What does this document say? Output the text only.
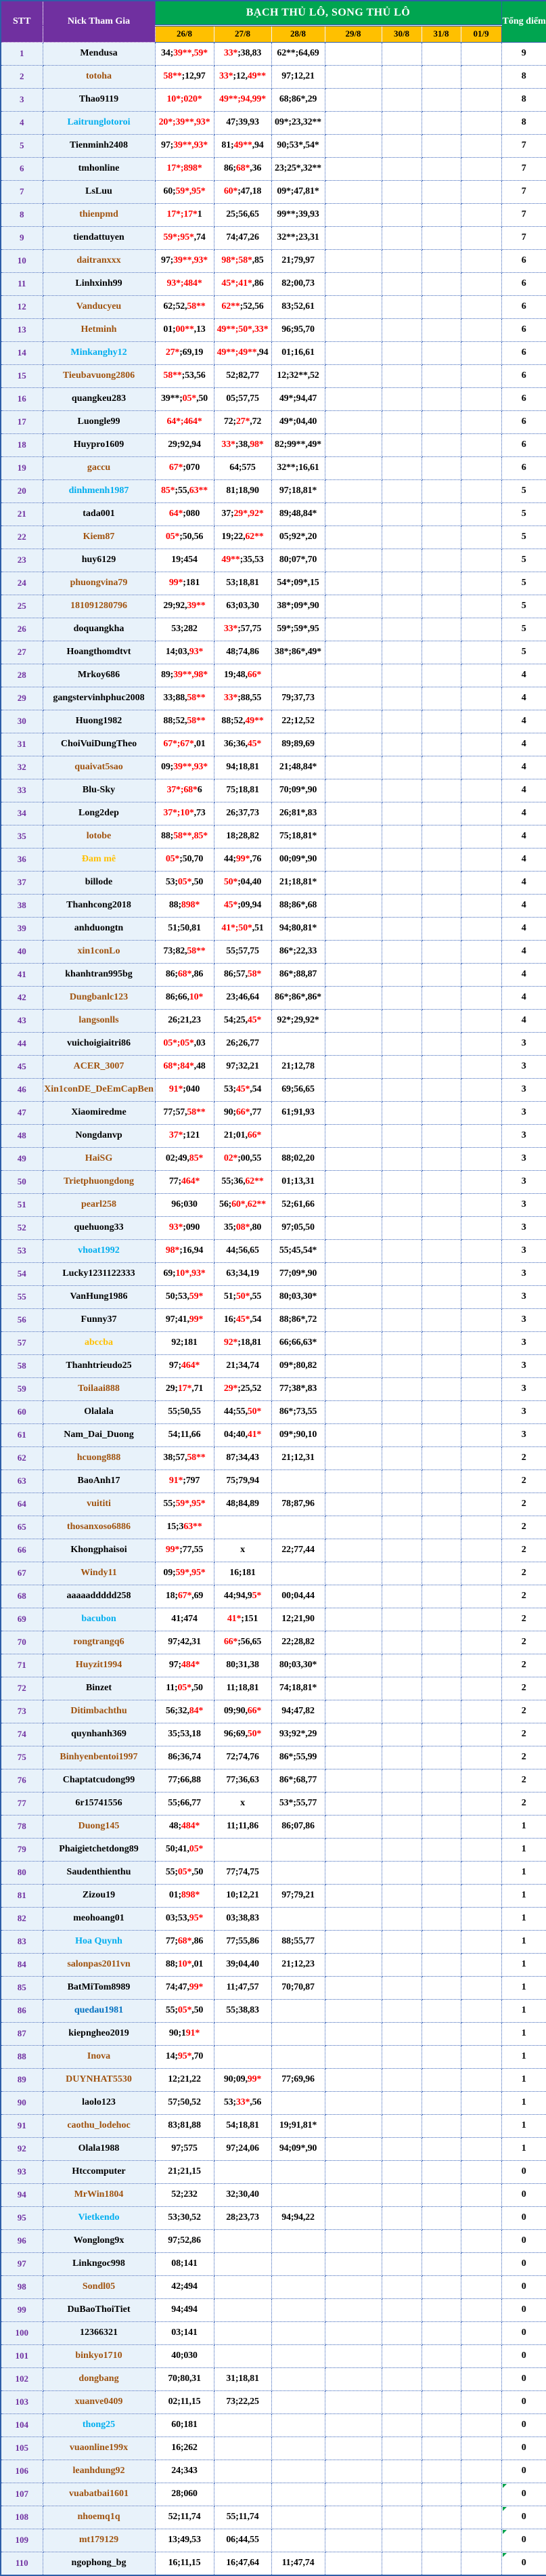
STT	Nick Tham Gia	BẠCH THỦ LÔ, SONG THỦ LÔ							Tổng điểm
		26/8	27/8	28/8	29/8	30/8	31/8	01/9	
1	Mendusa	34;39**,59*	33*;38,83	62**;64,69					9
2	totoha	58**;12,97	33*;12,49**	97;12,21					8
3	Thao9119	10*;020*	49**;94,99*	68;86*,29					8
4	Laitrunglotoroi	20*;39**,93*	47;39,93	09*;23,32**					8
5	Tienminh2408	97;39**,93*	81;49**,94	90;53*,54*					7
6	tmhonline	17*;898*	86;68*,36	23;25*,32**					7
7	LsLuu	60;59*,95*	60*;47,18	09*;47,81*					7
8	thienpmd	17*;17*1	25;56,65	99**;39,93					7
9	tiendattuyen	59*;95*,74	74;47,26	32**;23,31					7
10	daitranxxx	97;39**,93*	98*;58*,85	21;79,97					6
11	Linhxinh99	93*;484*	45*;41*,86	82;00,73					6
12	Vanducyeu	62;52,58**	62**;52,56	83;52,61					6
13	Hetminh	01;00**,13	49**;50*,33*	96;95,70					6
14	Minkanghy12	27*;69,19	49**;49**,94	01;16,61					6
15	Tieubavuong2806	58**;53,56	52;82,77	12;32**,52					6
16	quangkeu283	39**;05*,50	05;57,75	49*;94,47					6
17	Luongle99	64*;464*	72;27*,72	49*;04,40					6
18	Huypro1609	29;92,94	33*;38,98*	82;99**,49*					6
19	gaccu	67*;070	64;575	32**;16,61					6
20	dinhmenh1987	85*;55,63**	81;18,90	97;18,81*					5
21	tada001	64*;080	37;29*,92*	89;48,84*					5
22	Kiem87	05*;50,56	19;22,62**	05;92*,20					5
23	huy6129	19;454	49**;35,53	80;07*,70					5
24	phuongvina79	99*;181	53;18,81	54*;09*,15					5
25	181091280796	29;92,39**	63;03,30	38*;09*,90					5
26	doquangkha	53;282	33*;57,75	59*;59*,95					5
27	Hoangthomdtvt	14;03,93*	48;74,86	38*;86*,49*					5
28	Mrkoy686	89;39**,98*	19;48,66*						4
29	gangstervinhphuc2008	33;88,58**	33*;88,55	79;37,73					4
30	Huong1982	88;52,58**	88;52,49**	22;12,52					4
31	ChoiVuiDungTheo	67*;67*,01	36;36,45*	89;89,69					4
32	quaivat5sao	09;39**,93*	94;18,81	21;48,84*					4
33	Blu-Sky	37*;68*6	75;18,81	70;09*,90					4
34	Long2dep	37*;10*,73	26;37,73	26;81*,83					4
35	lotobe	88;58**,85*	18;28,82	75;18,81*					4
36	Đam mê	05*;50,70	44;99*,76	00;09*,90					4
37	billode	53;05*,50	50*;04,40	21;18,81*					4
38	Thanhcong2018	88;898*	45*;09,94	88;86*,68					4
39	anhduongtn	51;50,81	41*;50*,51	94;80,81*					4
40	xin1conLo	73;82,58**	55;57,75	86*;22,33					4
41	khanhtran995bg	86;68*,86	86;57,58*	86*;88,87					4
42	Dungbanlc123	86;66,10*	23;46,64	86*;86*,86*					4
43	langsonlls	26;21,23	54;25,45*	92*;29,92*					4
44	vuichoigiaitri86	05*;05*,03	26;26,77						3
45	ACER_3007	68*;84*,48	97;32,21	21;12,78					3
46	Xin1conDE_DeEmCapBen	91*;040	53;45*,54	69;56,65					3
47	Xiaomiredme	77;57,58**	90;66*,77	61;91,93					3
48	Nongdanvp	37*;121	21;01,66*						3
49	HaiSG	02;49,85*	02*;00,55	88;02,20					3
50	Trietphuongdong	77;464*	55;36,62**	01;13,31					3
51	pearl258	96;030	56;60*,62**	52;61,66					3
52	quehuong33	93*;090	35;08*,80	97;05,50					3
53	vhoat1992	98*;16,94	44;56,65	55;45,54*					3
54	Lucky1231122333	69;10*,93*	63;34,19	77;09*,90					3
55	VanHung1986	50;53,59*	51;50*,55	80;03,30*					3
56	Funny37	97;41,99*	16;45*,54	88;86*,72					3
57	abccba	92;181	92*;18,81	66;66,63*					3
58	Thanhtrieudo25	97;464*	21;34,74	09*;80,82					3
59	Toilaai888	29;17*,71	29*;25,52	77;38*,83					3
60	Olalala	55;50,55	44;55,50*	86*;73,55					3
61	Nam_Dai_Duong	54;11,66	04;40,41*	09*;90,10					3
62	hcuong888	38;57,58**	87;34,43	21;12,31					2
63	BaoAnh17	91*;797	75;79,94						2
64	vuititi	55;59*,95*	48;84,89	78;87,96					2
65	thosanxoso6886	15;363**							2
66	Khongphaisoi	99*;77,55	x	22;77,44					2
67	Windy11	09;59*,95*	16;181						2
68	aaaaaddddd258	18;67*,69	44;94,95*	00;04,44					2
69	bacubon	41;474	41*;151	12;21,90					2
70	rongtrangq6	97;42,31	66*;56,65	22;28,82					2
71	Huyzit1994	97;484*	80;31,38	80;03,30*					2
72	Binzet	11;05*,50	11;18,81	74;18,81*					2
73	Ditimbachthu	56;32,84*	09;90,66*	94;47,82					2
74	quynhanh369	35;53,18	96;69,50*	93;92*,29					2
75	Binhyenbentoi1997	86;36,74	72;74,76	86*;55,99					2
76	Chaptatcudong99	77;66,88	77;36,63	86*;68,77					2
77	6r15741556	55;66,77	x	53*;55,77					2
78	Duong145	48;484*	11;11,86	86;07,86					1
79	Phaigietchetdong89	50;41,05*							1
80	Saudenthienthu	55;05*,50	77;74,75						1
81	Zizou19	01;898*	10;12,21	97;79,21					1
82	meohoang01	03;53,95*	03;38,83						1
83	Hoa Quynh	77;68*,86	77;55,86	88;55,77					1
84	salonpas2011vn	88;10*,01	39;04,40	21;12,23					1
85	BatMiTom8989	74;47,99*	11;47,57	70;70,87					1
86	quedau1981	55;05*,50	55;38,83						1
87	kiepngheo2019	90;191*							1
88	Inova	14;95*,70							1
89	DUYNHAT5530	12;21,22	90;09,99*	77;69,96					1
90	laolo123	57;50,52	53;33*,56						1
91	caothu_lodehoc	83;81,88	54;18,81	19;91,81*					1
92	Olala1988	97;575	97;24,06	94;09*,90					1
93	Htccomputer	21;21,15							0
94	MrWin1804	52;232	32;30,40						0
95	Vietkendo	53;30,52	28;23,73	94;94,22					0
96	Wonglong9x	97;52,86							0
97	Linkngoc998	08;141							0
98	Sondl05	42;494							0
99	DuBaoThoiTiet	94;494							0
100	12366321	03;141							0
101	binkyo1710	40;030							0
102	dongbang	70;80,31	31;18,81						0
103	xuanve0409	02;11,15	73;22,25						0
104	thong25	60;181							0
105	vuaonline199x	16;262							0
106	leanhdung92	24;343							0
107	vuabatbai1601	28;060							0
108	nhoemq1q	52;11,74	55;11,74						0
109	mt179129	13;49,53	06;44,55						0
110	ngophong_bg	16;11,15	16;47,64	11;47,74					0
